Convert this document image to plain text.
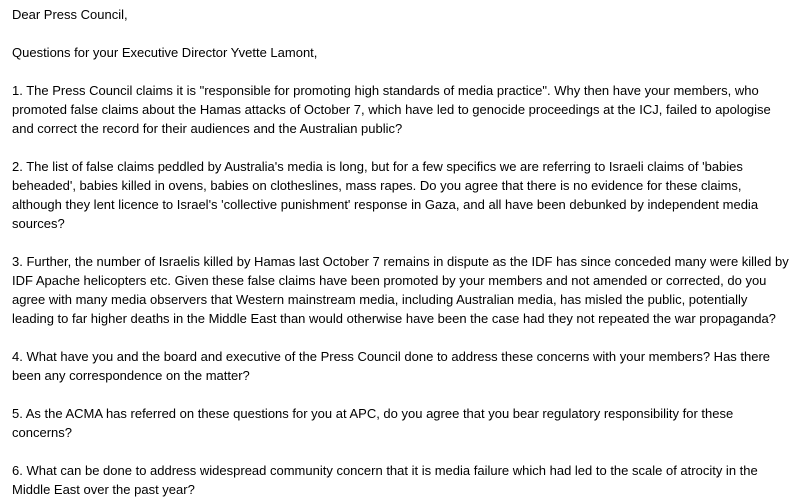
Dear Press Council,

Questions for your Executive Director Yvette Lamont,

1. The Press Council claims it is "responsible for promoting high standards of media practice". Why then have your members, who promoted false claims about the Hamas attacks of October 7, which have led to genocide proceedings at the ICJ, failed to apologise and correct the record for their audiences and the Australian public?

2. The list of false claims peddled by Australia's media is long, but for a few specifics we are referring to Israeli claims of 'babies beheaded', babies killed in ovens, babies on clotheslines, mass rapes. Do you agree that there is no evidence for these claims, although they lent licence to Israel's 'collective punishment' response in Gaza, and all have been debunked by independent media sources?

3. Further, the number of Israelis killed by Hamas last October 7 remains in dispute as the IDF has since conceded many were killed by IDF Apache helicopters etc. Given these false claims have been promoted by your members and not amended or corrected, do you agree with many media observers that Western mainstream media, including Australian media, has misled the public, potentially leading to far higher deaths in the Middle East than would otherwise have been the case had they not repeated the war propaganda?

4. What have you and the board and executive of the Press Council done to address these concerns with your members? Has there been any correspondence on the matter?

5. As the ACMA has referred on these questions for you at APC, do you agree that you bear regulatory responsibility for these concerns?

6. What can be done to address widespread community concern that it is media failure which had led to the scale of atrocity in the Middle East over the past year?
